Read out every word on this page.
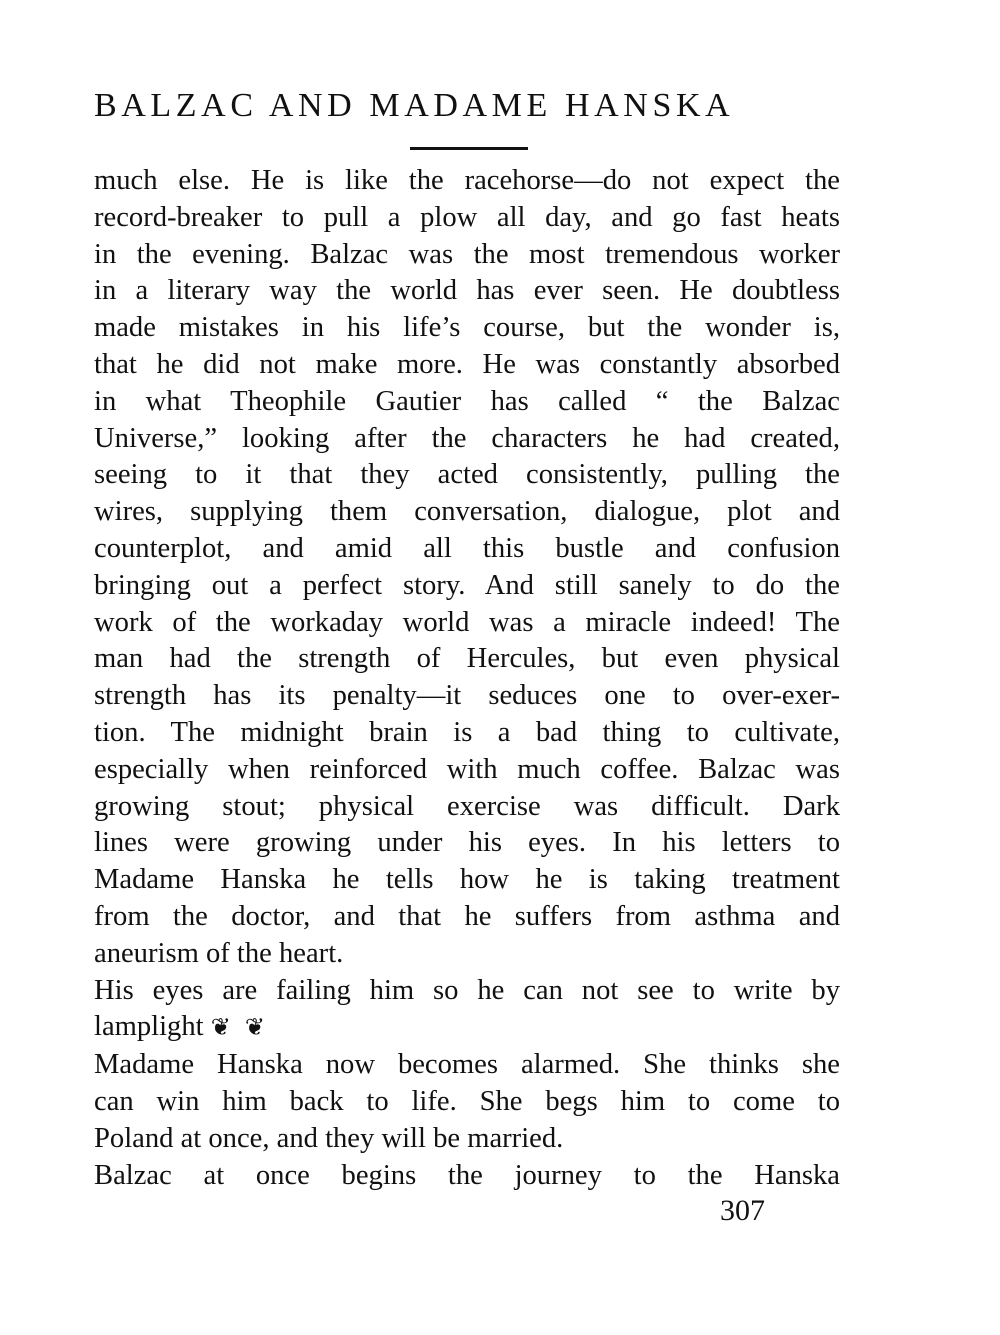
BALZAC AND MADAME HANSKA

much else. He is like the racehorse—do not expect the
record-breaker to pull a plow all day, and go fast heats
in the evening. Balzac was the most tremendous worker
in a literary way the world has ever seen. He doubtless
made mistakes in his life’s course, but the wonder is,
that he did not make more. He was constantly absorbed
in what Theophile Gautier has called “ the Balzac
Universe,” looking after the characters he had created,
seeing to it that they acted consistently, pulling the
wires, supplying them conversation, dialogue, plot and
counterplot, and amid all this bustle and confusion
bringing out a perfect story. And still sanely to do the
work of the workaday world was a miracle indeed! The
man had the strength of Hercules, but even physical
strength has its penalty—it seduces one to over-exer-
tion. The midnight brain is a bad thing to cultivate,
especially when reinforced with much coffee. Balzac was
growing stout; physical exercise was difficult. Dark
lines were growing under his eyes. In his letters to
Madame Hanska he tells how he is taking treatment
from the doctor, and that he suffers from asthma and
aneurism of the heart.

His eyes are failing him so he can not see to write by
lamplight ❦ ❦

Madame Hanska now becomes alarmed. She thinks she
can win him back to life. She begs him to come to
Poland at once, and they will be married.

Balzac at once begins the journey to the Hanska

307
